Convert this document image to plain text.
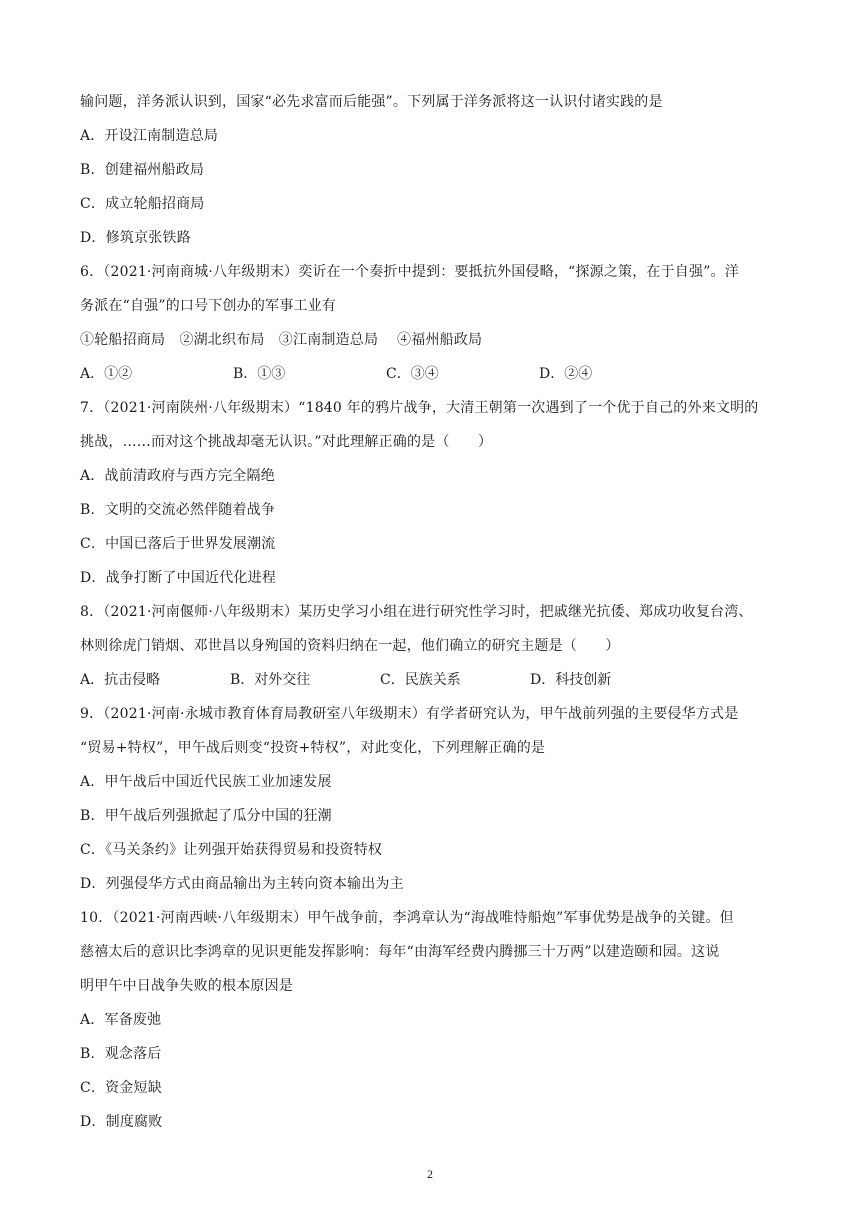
输问题，洋务派认识到，国家“必先求富而后能强”。下列属于洋务派将这一认识付诸实践的是
A．开设江南制造总局
B．创建福州船政局
C．成立轮船招商局
D．修筑京张铁路
6．（2021·河南商城·八年级期末）奕䜣在一个奏折中提到：要抵抗外国侵略，“探源之策，在于自强”。洋
务派在“自强”的口号下创办的军事工业有
①轮船招商局　②湖北织布局　③江南制造总局　 ④福州船政局
A．①②	B．①③	C．③④	D．②④
7．（2021·河南陕州·八年级期末）“1840 年的鸦片战争，大清王朝第一次遇到了一个优于自己的外来文明的
挑战，……而对这个挑战却毫无认识。”对此理解正确的是（　　）
A．战前清政府与西方完全隔绝
B．文明的交流必然伴随着战争
C．中国已落后于世界发展潮流
D．战争打断了中国近代化进程
8．（2021·河南偃师·八年级期末）某历史学习小组在进行研究性学习时，把戚继光抗倭、郑成功收复台湾、
林则徐虎门销烟、邓世昌以身殉国的资料归纳在一起，他们确立的研究主题是（　　）
A．抗击侵略	B．对外交往	C．民族关系	D．科技创新
9．（2021·河南·永城市教育体育局教研室八年级期末）有学者研究认为，甲午战前列强的主要侵华方式是
“贸易+特权”，甲午战后则变“投资+特权”，对此变化，下列理解正确的是
A．甲午战后中国近代民族工业加速发展
B．甲午战后列强掀起了瓜分中国的狂潮
C．《马关条约》让列强开始获得贸易和投资特权
D．列强侵华方式由商品输出为主转向资本输出为主
10．（2021·河南西峡·八年级期末）甲午战争前，李鸿章认为“海战唯恃船炮”军事优势是战争的关键。但
慈禧太后的意识比李鸿章的见识更能发挥影响：每年“由海军经费内腾挪三十万两”以建造颐和园。这说
明甲午中日战争失败的根本原因是
A．军备废弛
B．观念落后
C．资金短缺
D．制度腐败
2
